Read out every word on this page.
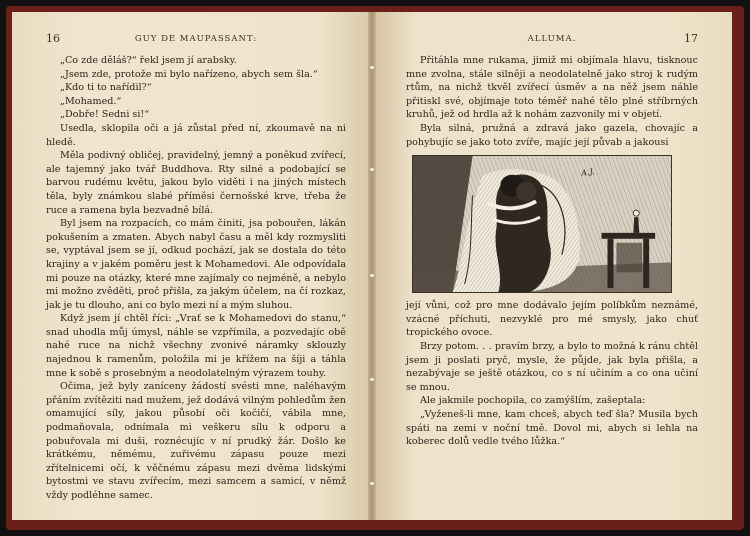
16	GUY DE MAUPASSANT:

„Co zde děláš?“ řekl jsem jí arabsky.

„Jsem zde, protože mi bylo nařízeno, abych sem šla.“

„Kdo ti to nařídil?“

„Mohamed.“

„Dobře! Sedni si!“

Usedla, sklopila oči a já zůstal před ní, zkoumavě na ni hledě.

Měla podivný obličej, pravidelný, jemný a poněkud zvířecí, ale tajemný jako tvář Buddhova. Rty silné a podobající se barvou rudému květu, jakou bylo viděti i na jiných místech těla, byly známkou slabé příměsi černošské krve, třeba že ruce a ramena byla bezvadně bílá.

Byl jsem na rozpacích, co mám činiti, jsa pobouřen, lákán pokušením a zmaten. Abych nabyl času a měl kdy rozmysliti se, vyptával jsem se jí, odkud pochází, jak se dostala do této krajiny a v jakém poměru jest k Mohamedovi. Ale odpovídala mi pouze na otázky, které mne zajímaly co nejméně, a nebylo mi možno zvěděti, proč přišla, za jakým účelem, na čí rozkaz, jak je tu dlouho, ani co bylo mezi ní a mým sluhou.

Když jsem jí chtěl říci: „Vrať se k Mohamedovi do stanu,“ snad uhodla můj úmysl, náhle se vzpřímila, a pozvedajíc obě nahé ruce na nichž všechny zvonivé náramky sklouzly najednou k ramenům, položila mi je křížem na šíji a táhla mne k sobě s prosebným a neodolatelným výrazem touhy.

Očima, jež byly zaníceny žádostí svésti mne, naléhavým přáním zvítěziti nad mužem, jež dodává vilným pohledům žen omamující síly, jakou působí oči kočičí, vábila mne, podmaňovala, odnímala mi veškeru sílu k odporu a pobuřovala mi duši, roznécujíc v ní prudký žár. Došlo ke krátkému, němému, zuřivému zápasu pouze mezi zřítelnicemi očí, k věčnému zápasu mezi dvěma lidskými bytostmi ve stavu zvířecím, mezi samcem a samicí, v němž vždy podléhne samec.

ALLUMA.	17

Přitáhla mne rukama, jimiž mi objímala hlavu, tisknouc mne zvolna, stále silněji a neodolatelně jako stroj k rudým rtům, na nichž tkvěl zvířecí úsměv a na něž jsem náhle přitiskl své, objímaje toto téměř nahé tělo plné stříbrných kruhů, jež od hrdla až k nohám zazvonily mi v objetí.

Byla silná, pružná a zdravá jako gazela, chovajíc a pohybujíc se jako toto zvíře, majíc její půvab a jakousi

A.J.

její vůni, což pro mne dodávalo jejím políbkům neznámé, vzácné příchuti, nezvyklé pro mé smysly, jako chuť tropického ovoce.

Brzy potom. . . pravím brzy, a bylo to možná k ránu chtěl jsem ji poslati pryč, mysle, že půjde, jak byla přišla, a nezabývaje se ještě otázkou, co s ní učiním a co ona učiní se mnou.

Ale jakmile pochopila, co zamýšlím, zašeptala:

„Vyženeš-li mne, kam chceš, abych teď šla? Musila bych spáti na zemi v noční tmě. Dovol mi, abych si lehla na koberec dolů vedle tvého lůžka.“
